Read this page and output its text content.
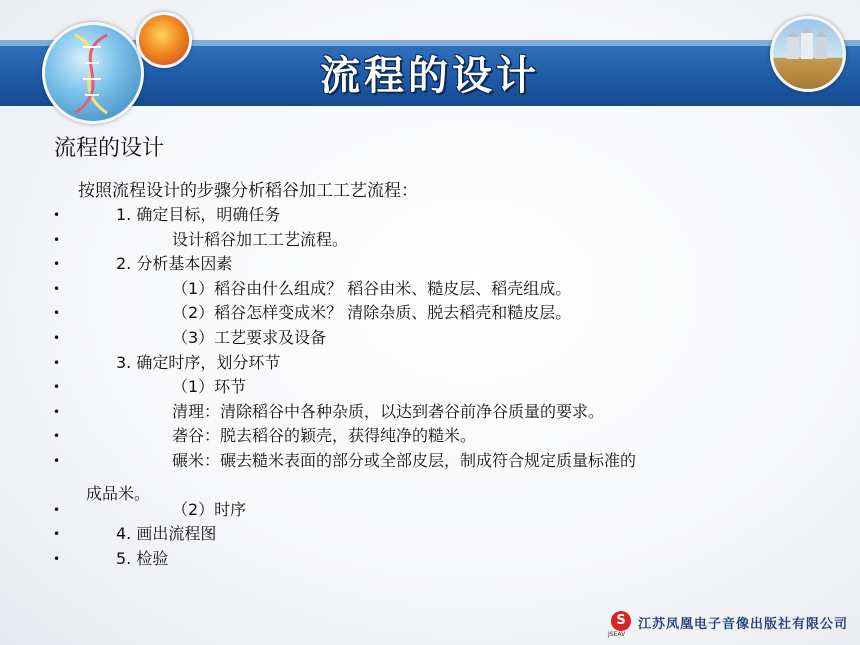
流程的设计
流程的设计
按照流程设计的步骤分析稻谷加工工艺流程：
•	1. 确定目标，明确任务
•	设计稻谷加工工艺流程。
•	2. 分析基本因素
•	（1）稻谷由什么组成？ 稻谷由米、糙皮层、稻壳组成。
•	（2）稻谷怎样变成米？ 清除杂质、脱去稻壳和糙皮层。
•	（3）工艺要求及设备
•	3. 确定时序，划分环节
•	（1）环节
•	清理：清除稻谷中各种杂质，以达到砻谷前净谷质量的要求。
•	砻谷：脱去稻谷的颖壳，获得纯净的糙米。
•	碾米：碾去糙米表面的部分或全部皮层，制成符合规定质量标准的
•	（2）时序
•	4. 画出流程图
•	5. 检验
成品米。
S
JSEAV
江苏凤凰电子音像出版社有限公司
